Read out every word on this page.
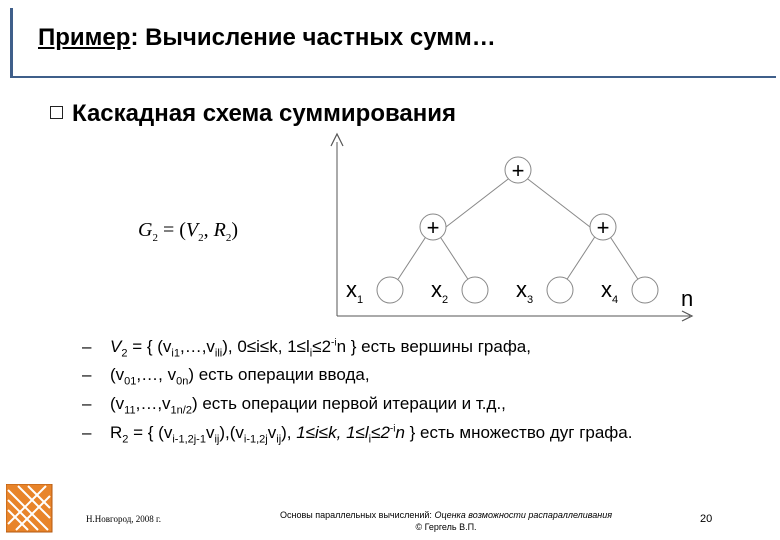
Пример: Вычисление частных сумм…
Каскадная схема суммирования
$G_2 = (V_2$, $R_2$)
+
+	+
$x_1$	$x_2$	$x_3$	$x_4$	n
– $V_2$ = { $(v_{i1},\dots,v_{ili})$, 0≤i≤k, $1\le l_i\le 2^{-i}n$ } есть вершины графа,
– ($v_{01},\dots$, $v_{0n}$) есть операции ввода,
– $(v_{11},\dots,v_{1n/2})$ есть операции первой итерации и т.д.,
– $R_2$ = { $(v_{i-1,2j-1}v_{ij}),(v_{i-1,2j}v_{ij})$, 1≤i≤k, $1\le l_i\le 2^{-i}n$ } есть множество дуг графа.
Н.Новгород, 2008 г.	Основы параллельных вычислений: Оценка возможности распараллеливания
© Гергель В.П.
20
